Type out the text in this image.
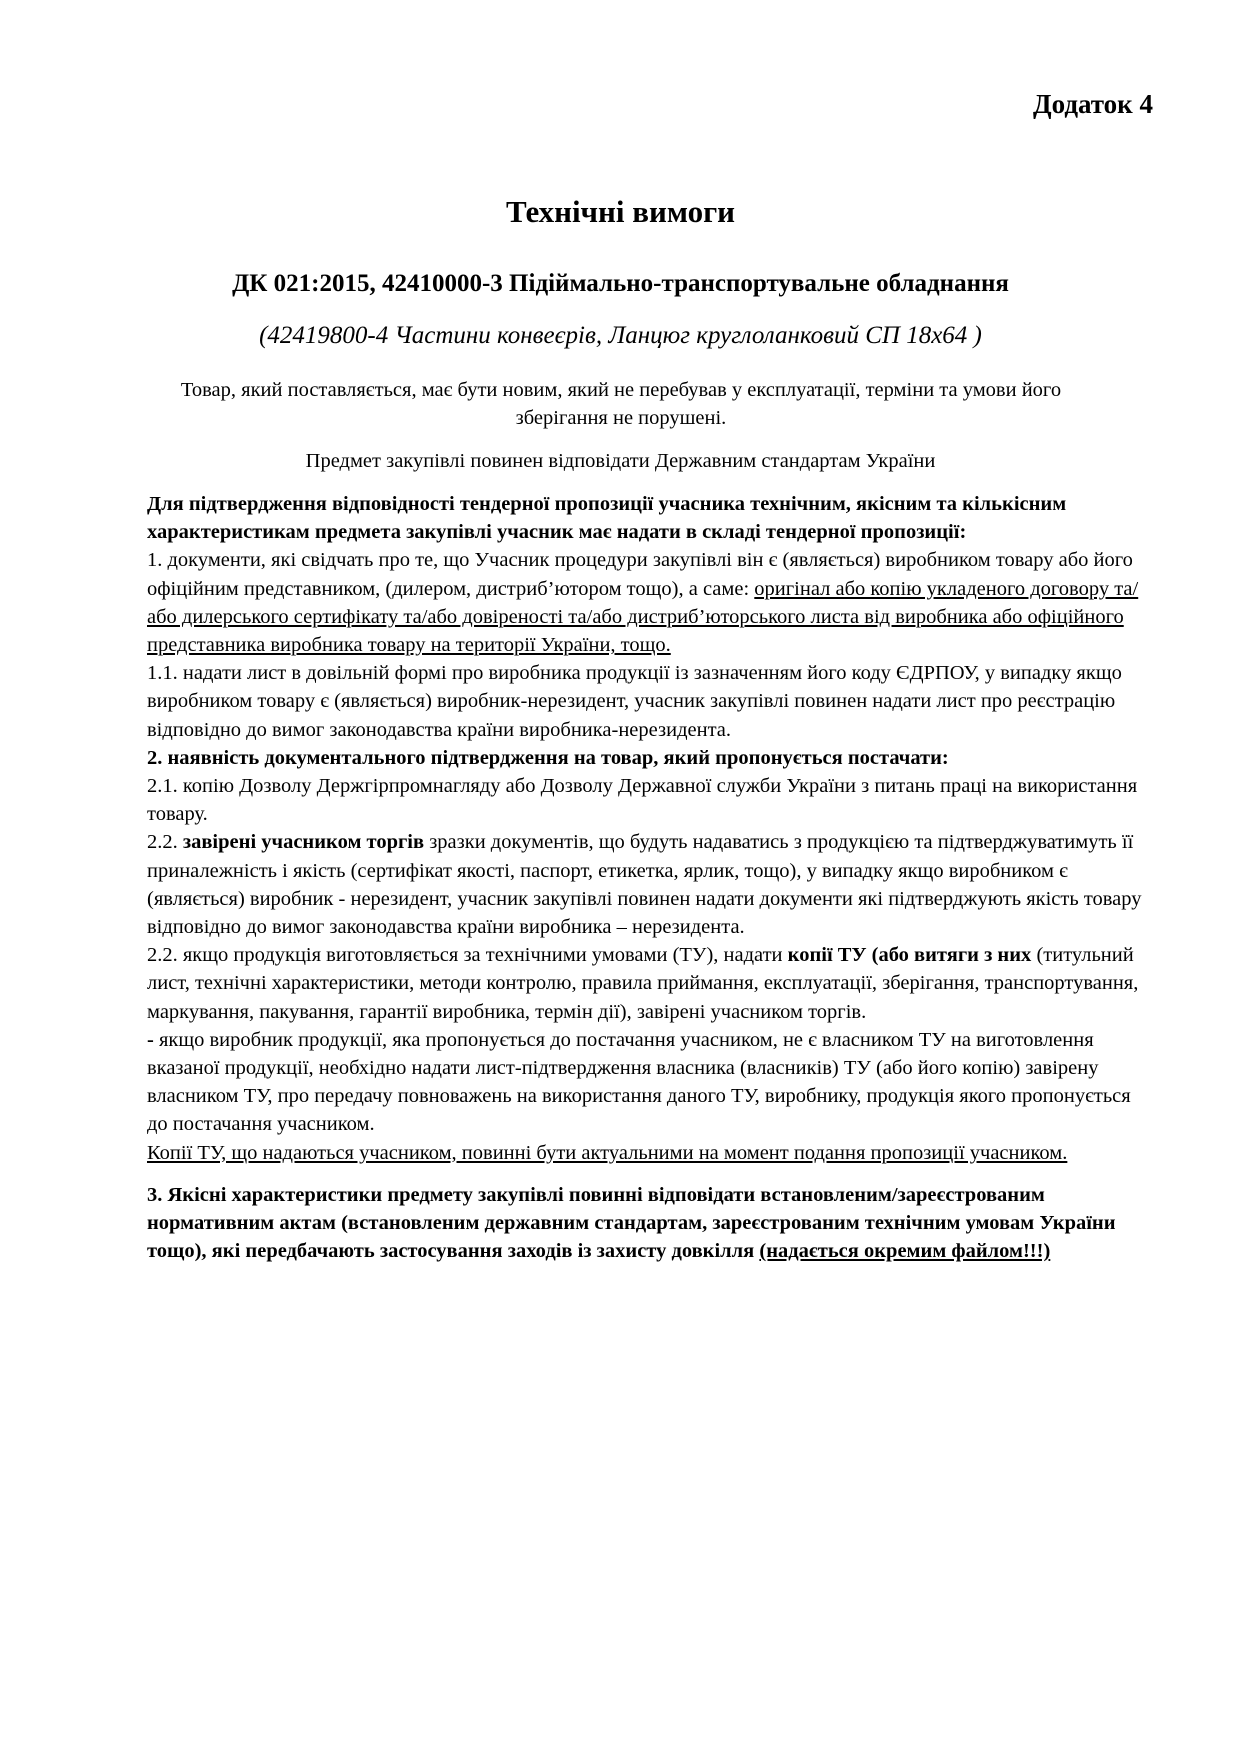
Додаток 4
Технічні вимоги
ДК 021:2015, 42410000-3 Підіймально-транспортувальне обладнання
(42419800-4 Частини конвеєрів, Ланцюг круглоланковий СП 18х64 )
Товар, який поставляється, має бути новим, який не перебував у експлуатації, терміни та умови його зберігання не порушені.
Предмет закупівлі повинен відповідати Державним стандартам України

Для підтвердження відповідності тендерної пропозиції учасника технічним, якісним та кількісним характеристикам предмета закупівлі учасник має надати в складі тендерної пропозиції:

1. документи, які свідчать про те, що Учасник процедури закупівлі він є (являється) виробником товару або його офіційним представником, (дилером, дистриб’ютором тощо), а саме: оригінал або копію укладеного договору та/або дилерського сертифікату та/або довіреності та/або дистриб’юторського листа від виробника або офіційного представника виробника товару на території України, тощо.

1.1. надати лист в довільній формі про виробника продукції із зазначенням його коду ЄДРПОУ, у випадку якщо виробником товару є (являється) виробник-нерезидент, учасник закупівлі повинен надати лист про реєстрацію відповідно до вимог законодавства країни виробника-нерезидента.

2. наявність документального підтвердження на товар, який пропонується постачати:

2.1. копію Дозволу Держгірпромнагляду або Дозволу Державної служби України з питань праці на використання товару.

2.2. завірені учасником торгів зразки документів, що будуть надаватись з продукцією та підтверджуватимуть її приналежність і якість (сертифікат якості, паспорт, етикетка, ярлик, тощо), у випадку якщо виробником є (являється) виробник - нерезидент, учасник закупівлі повинен надати документи які підтверджують якість товару відповідно до вимог законодавства країни виробника – нерезидента.

2.2. якщо продукція виготовляється за технічними умовами (ТУ), надати копії ТУ (або витяги з них (титульний лист, технічні характеристики, методи контролю, правила приймання, експлуатації, зберігання, транспортування, маркування, пакування, гарантії виробника, термін дії), завірені учасником торгів.

- якщо виробник продукції, яка пропонується до постачання учасником, не є власником ТУ на виготовлення вказаної продукції, необхідно надати лист-підтвердження власника (власників) ТУ (або його копію) завірену власником ТУ, про передачу повноважень на використання даного ТУ, виробнику, продукція якого пропонується до постачання учасником.

Копії ТУ, що надаються учасником, повинні бути актуальними на момент подання пропозиції учасником.

3. Якісні характеристики предмету закупівлі повинні відповідати встановленим/зареєстрованим нормативним актам (встановленим державним стандартам, зареєстрованим технічним умовам України тощо), які передбачають застосування заходів із захисту довкілля (надається окремим файлом!!!)
